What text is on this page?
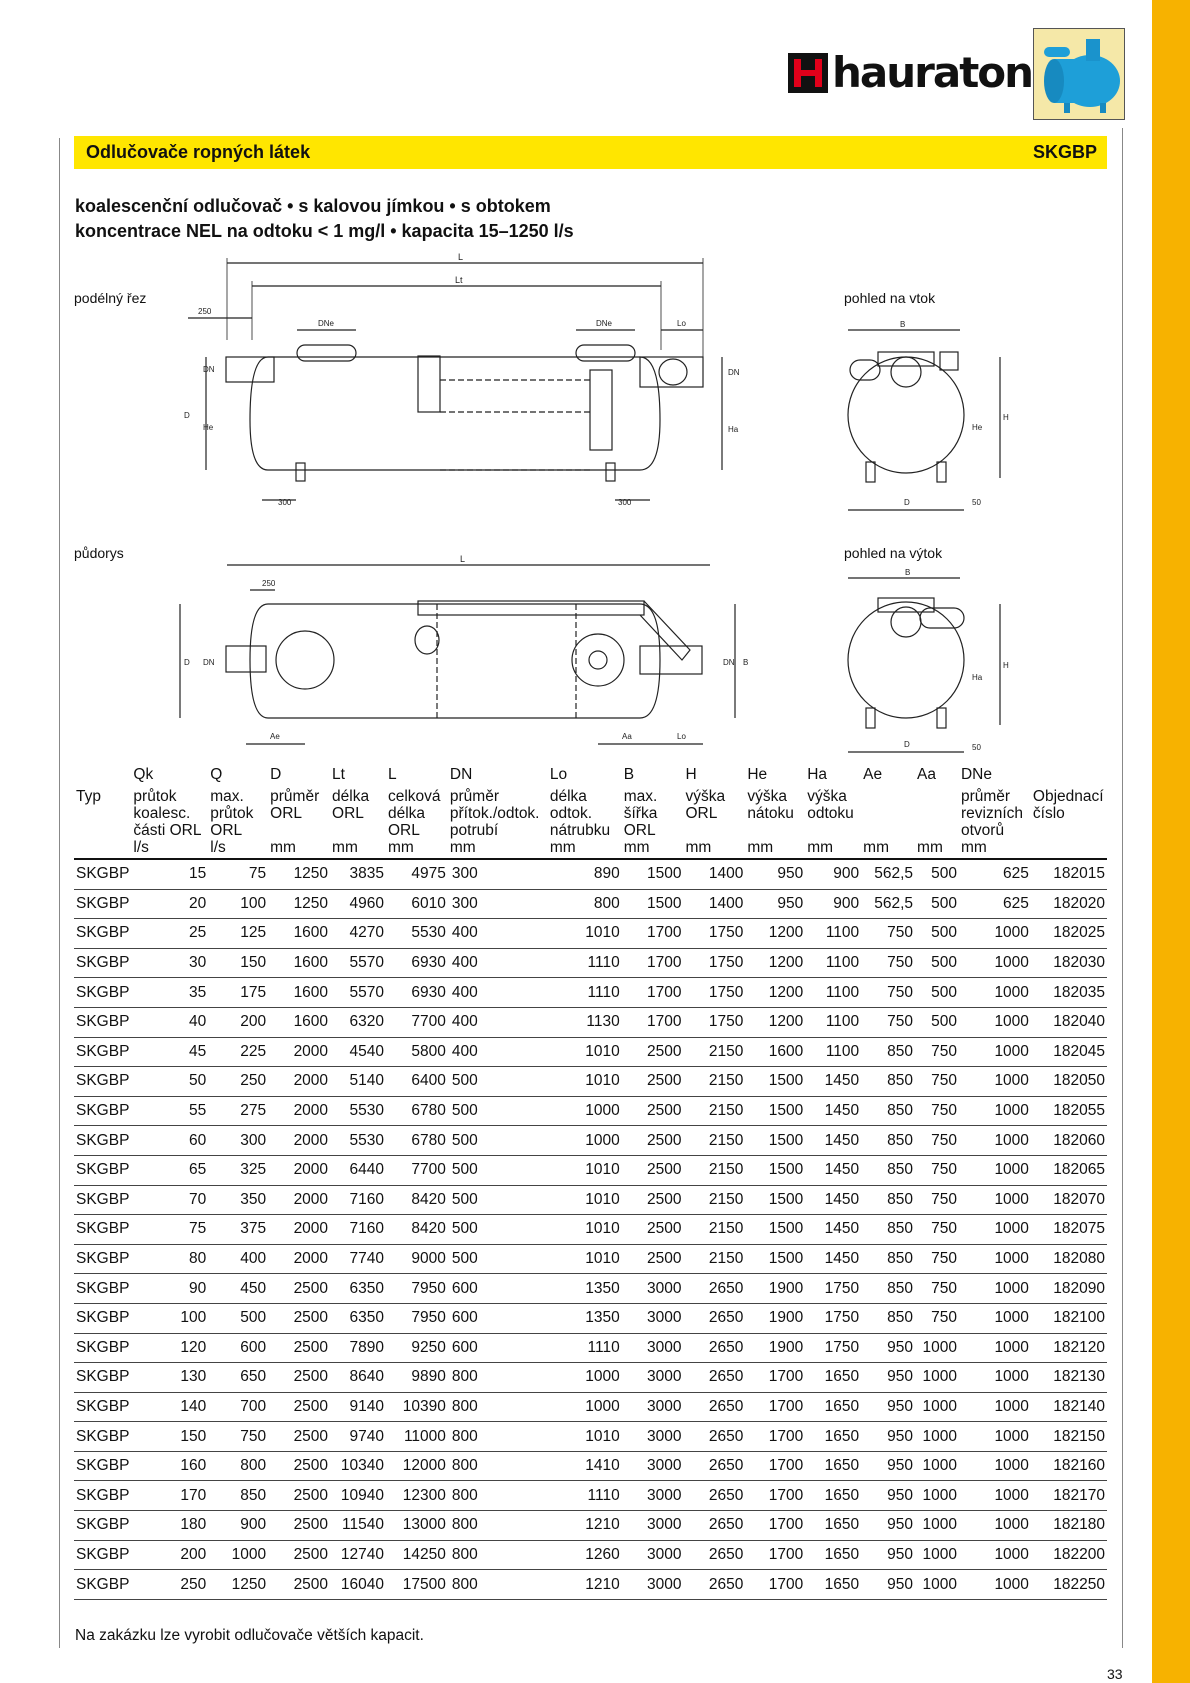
hauraton
Odlučovače ropných látek	SKGBP
koalescenční odlučovač • s kalovou jímkou • s obtokem
koncentrace NEL na odtoku < 1 mg/l • kapacita 15–1250 l/s
podélný řez	pohled na vtok
půdorys	pohled na výtok
L
Lt
250
DNe	DNe	Lo
D
DN
He
DN
Ha
300	300
B
D
H
He
50
L
250
D DN	B
DN
Ae	Aa	Lo
B
D
H
Ha
50
	Qk	Q	D	Lt	L	DN	Lo	B	H	He	Ha	Ae	Aa	DNe	
Typ	průtok koalesc. části ORL	max. průtok ORL	průměr ORL	délka ORL	celková délka ORL	průměr přítok./odtok. potrubí	délka odtok. nátrubku	max. šířka ORL	výška ORL	výška nátoku	výška odtoku			průměr revizních otvorů	Objednací číslo
	l/s	l/s	mm	mm	mm	mm	mm	mm	mm	mm	mm	mm	mm	mm	
SKGBP	15	75	1250	3835	4975	300	890	1500	1400	950	900	562,5	500	625	182015
SKGBP	20	100	1250	4960	6010	300	800	1500	1400	950	900	562,5	500	625	182020
SKGBP	25	125	1600	4270	5530	400	1010	1700	1750	1200	1100	750	500	1000	182025
SKGBP	30	150	1600	5570	6930	400	1110	1700	1750	1200	1100	750	500	1000	182030
SKGBP	35	175	1600	5570	6930	400	1110	1700	1750	1200	1100	750	500	1000	182035
SKGBP	40	200	1600	6320	7700	400	1130	1700	1750	1200	1100	750	500	1000	182040
SKGBP	45	225	2000	4540	5800	400	1010	2500	2150	1600	1100	850	750	1000	182045
SKGBP	50	250	2000	5140	6400	500	1010	2500	2150	1500	1450	850	750	1000	182050
SKGBP	55	275	2000	5530	6780	500	1000	2500	2150	1500	1450	850	750	1000	182055
SKGBP	60	300	2000	5530	6780	500	1000	2500	2150	1500	1450	850	750	1000	182060
SKGBP	65	325	2000	6440	7700	500	1010	2500	2150	1500	1450	850	750	1000	182065
SKGBP	70	350	2000	7160	8420	500	1010	2500	2150	1500	1450	850	750	1000	182070
SKGBP	75	375	2000	7160	8420	500	1010	2500	2150	1500	1450	850	750	1000	182075
SKGBP	80	400	2000	7740	9000	500	1010	2500	2150	1500	1450	850	750	1000	182080
SKGBP	90	450	2500	6350	7950	600	1350	3000	2650	1900	1750	850	750	1000	182090
SKGBP	100	500	2500	6350	7950	600	1350	3000	2650	1900	1750	850	750	1000	182100
SKGBP	120	600	2500	7890	9250	600	1110	3000	2650	1900	1750	950	1000	1000	182120
SKGBP	130	650	2500	8640	9890	800	1000	3000	2650	1700	1650	950	1000	1000	182130
SKGBP	140	700	2500	9140	10390	800	1000	3000	2650	1700	1650	950	1000	1000	182140
SKGBP	150	750	2500	9740	11000	800	1010	3000	2650	1700	1650	950	1000	1000	182150
SKGBP	160	800	2500	10340	12000	800	1410	3000	2650	1700	1650	950	1000	1000	182160
SKGBP	170	850	2500	10940	12300	800	1110	3000	2650	1700	1650	950	1000	1000	182170
SKGBP	180	900	2500	11540	13000	800	1210	3000	2650	1700	1650	950	1000	1000	182180
SKGBP	200	1000	2500	12740	14250	800	1260	3000	2650	1700	1650	950	1000	1000	182200
SKGBP	250	1250	2500	16040	17500	800	1210	3000	2650	1700	1650	950	1000	1000	182250
Na zakázku lze vyrobit odlučovače větších kapacit.
33
